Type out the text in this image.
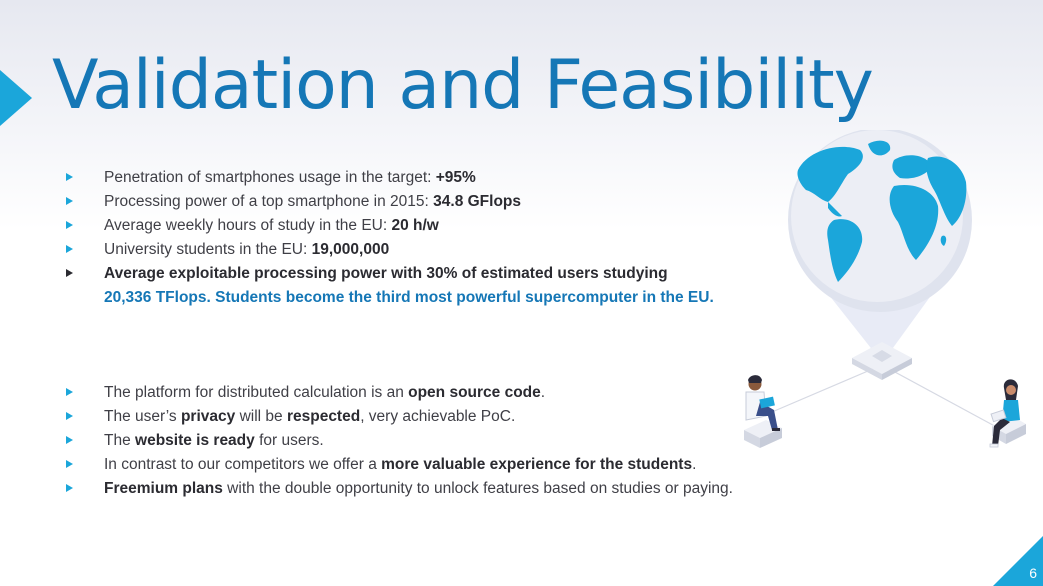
Validation and Feasibility
Penetration of smartphones usage in the target: +95%
Processing power of a top smartphone in 2015: 34.8 GFlops
Average weekly hours of study in the EU: 20 h/w
University students in the EU: 19,000,000
Average exploitable processing power with 30% of estimated users studying
20,336 TFlops. Students become the third most powerful supercomputer in the EU.
The platform for distributed calculation is an open source code.
The user’s privacy will be respected, very achievable PoC.
The website is ready for users.
In contrast to our competitors we offer a more valuable experience for the students.
Freemium plans with the double opportunity to unlock features based on studies or paying.
6
